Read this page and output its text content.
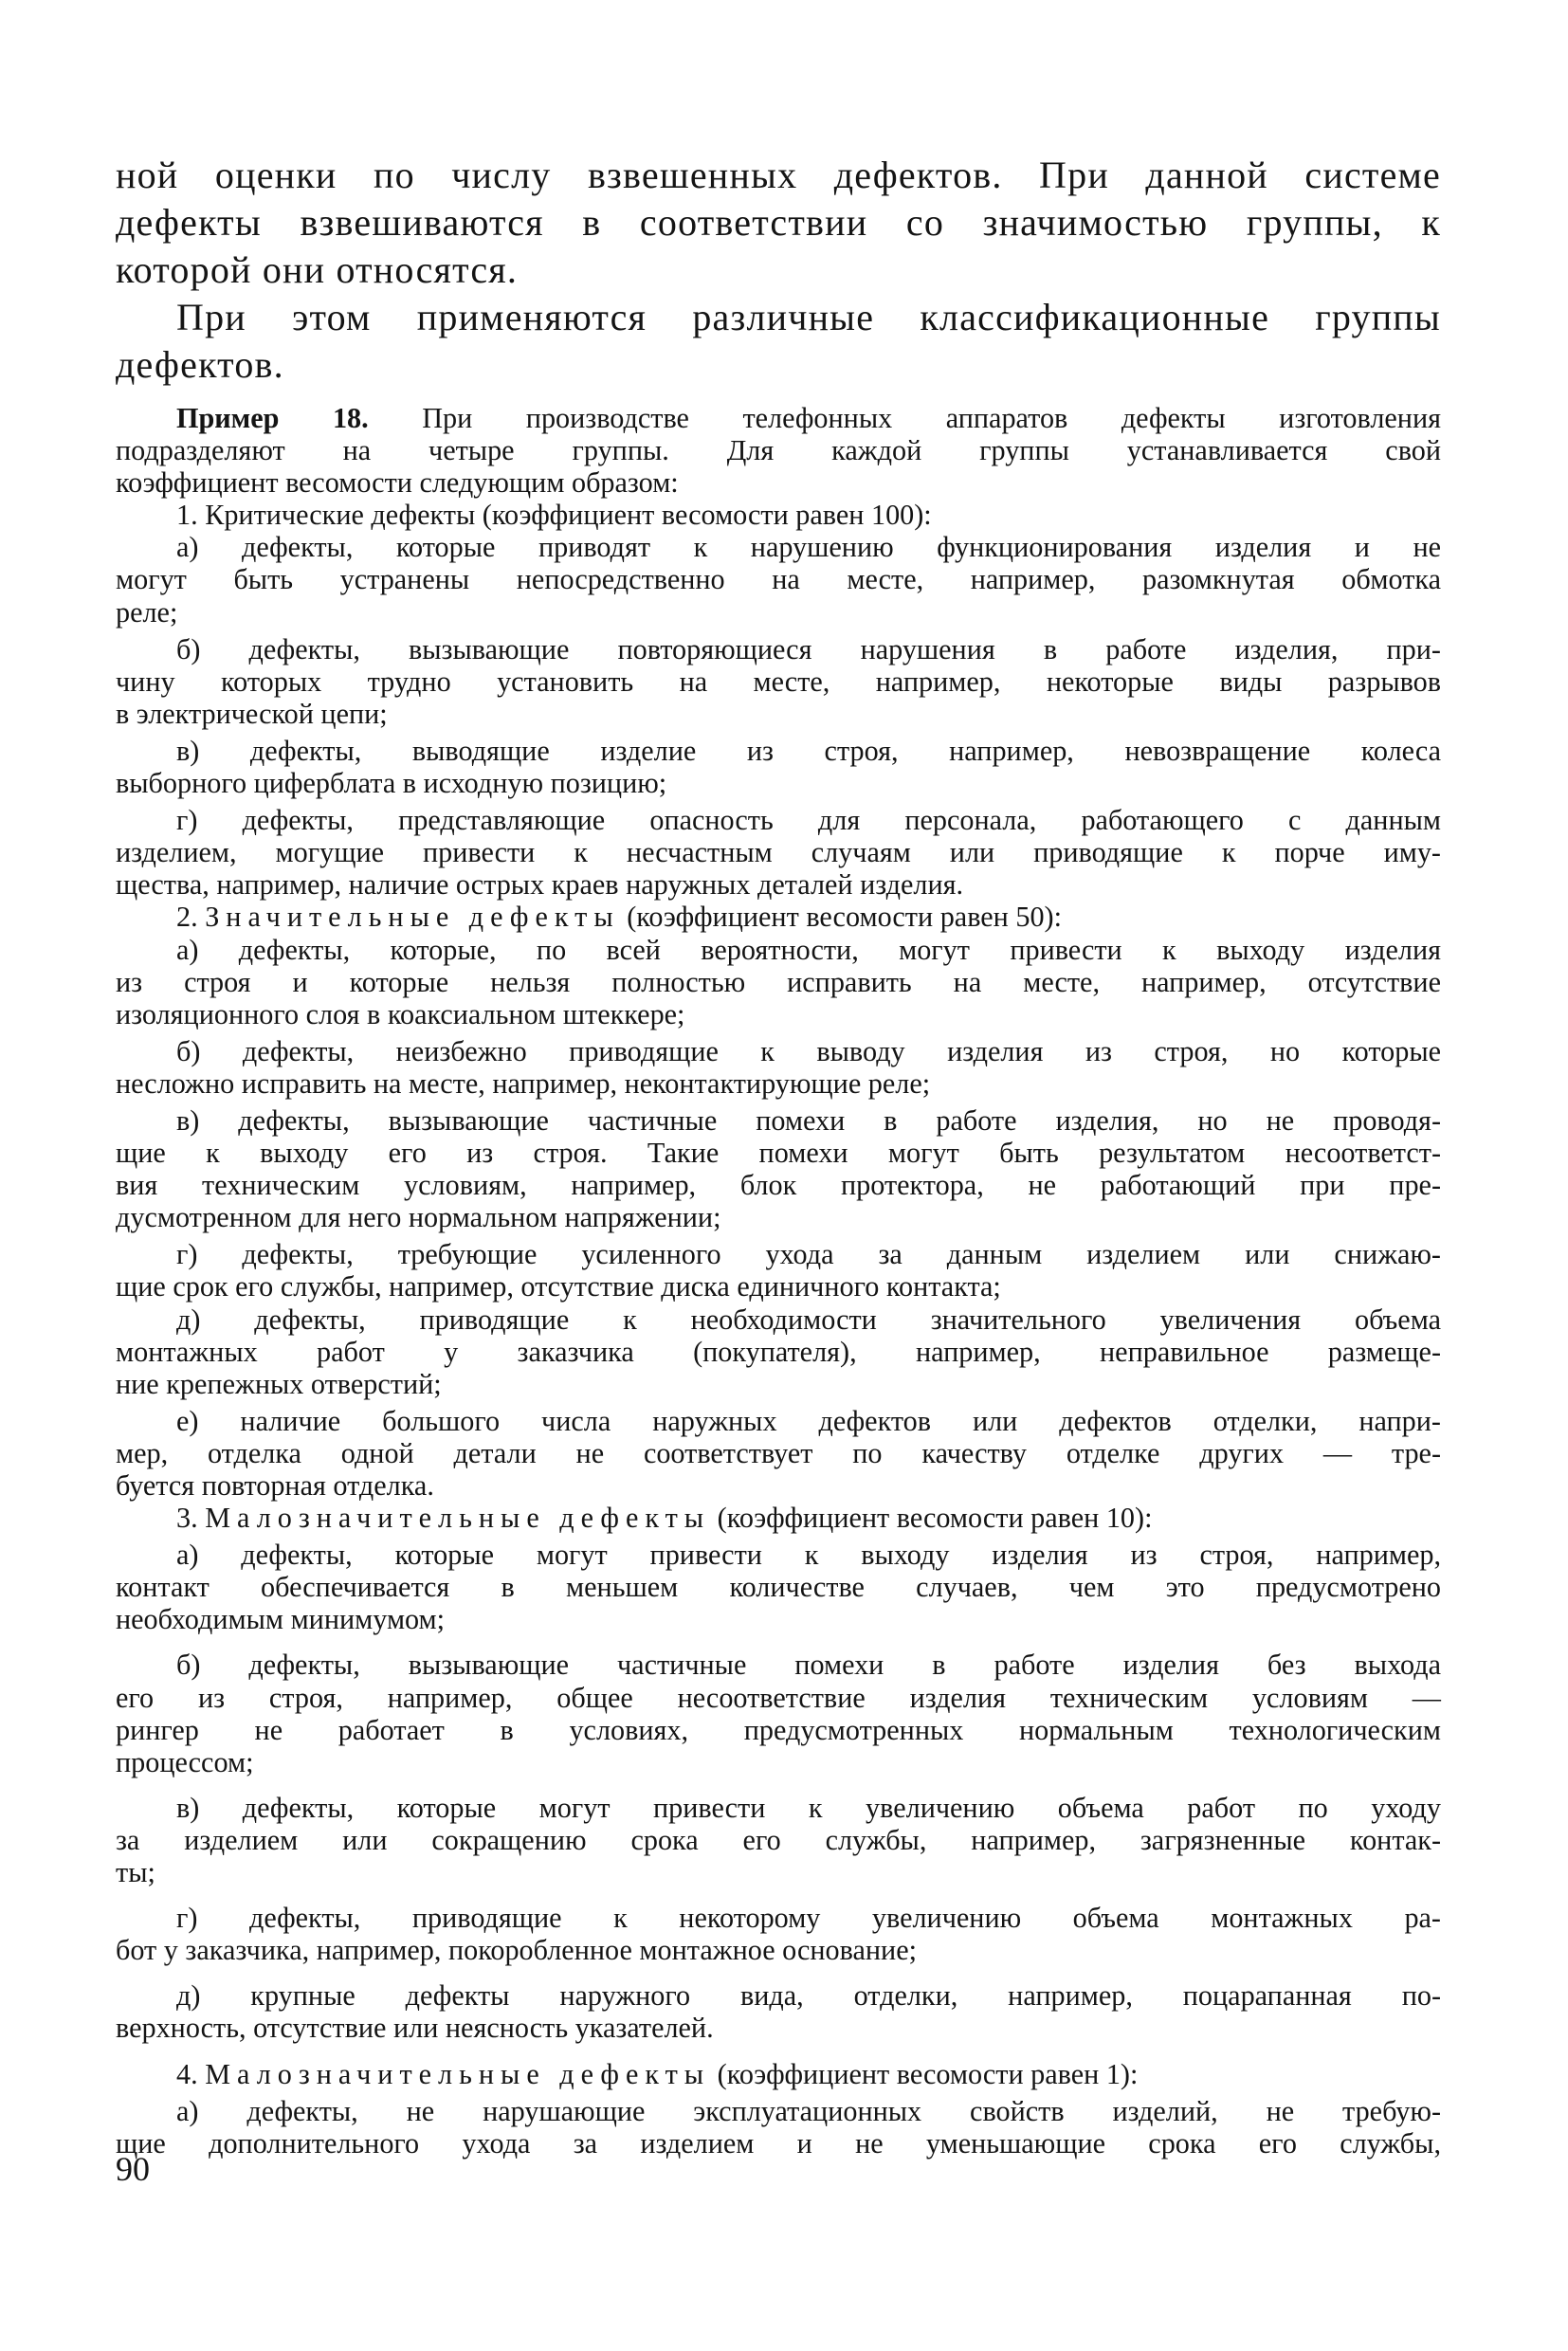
ной оценки по числу взвешенных дефектов. При данной системе
дефекты взвешиваются в соответствии со значимостью группы, к
которой они относятся.
При этом применяются различные классификационные группы
дефектов.
Пример 18. При производстве телефонных аппаратов дефекты изготовления
подразделяют на четыре группы. Для каждой группы устанавливается свой
коэффициент весомости следующим образом:
1. Критические дефекты (коэффициент весомости равен 100):
а) дефекты, которые приводят к нарушению функционирования изделия и не
могут быть устранены непосредственно на месте, например, разомкнутая обмотка
реле;
б) дефекты, вызывающие повторяющиеся нарушения в работе изделия, при-
чину которых трудно установить на месте, например, некоторые виды разрывов
в электрической цепи;
в) дефекты, выводящие изделие из строя, например, невозвращение колеса
выборного циферблата в исходную позицию;
г) дефекты, представляющие опасность для персонала, работающего с данным
изделием, могущие привести к несчастным случаям или приводящие к порче иму-
щества, например, наличие острых краев наружных деталей изделия.
2. Значительные дефекты (коэффициент весомости равен 50):
а) дефекты, которые, по всей вероятности, могут привести к выходу изделия
из строя и которые нельзя полностью исправить на месте, например, отсутствие
изоляционного слоя в коаксиальном штеккере;
б) дефекты, неизбежно приводящие к выводу изделия из строя, но которые
несложно исправить на месте, например, неконтактирующие реле;
в) дефекты, вызывающие частичные помехи в работе изделия, но не проводя-
щие к выходу его из строя. Такие помехи могут быть результатом несоответст-
вия техническим условиям, например, блок протектора, не работающий при пре-
дусмотренном для него нормальном напряжении;
г) дефекты, требующие усиленного ухода за данным изделием или снижаю-
щие срок его службы, например, отсутствие диска единичного контакта;
д) дефекты, приводящие к необходимости значительного увеличения объема
монтажных работ у заказчика (покупателя), например, неправильное размеще-
ние крепежных отверстий;
е) наличие большого числа наружных дефектов или дефектов отделки, напри-
мер, отделка одной детали не соответствует по качеству отделке других — тре-
буется повторная отделка.
3. Малозначительные дефекты (коэффициент весомости равен 10):
а) дефекты, которые могут привести к выходу изделия из строя, например,
контакт обеспечивается в меньшем количестве случаев, чем это предусмотрено
необходимым минимумом;
б) дефекты, вызывающие частичные помехи в работе изделия без выхода
его из строя, например, общее несоответствие изделия техническим условиям —
рингер не работает в условиях, предусмотренных нормальным технологическим
процессом;
в) дефекты, которые могут привести к увеличению объема работ по уходу
за изделием или сокращению срока его службы, например, загрязненные контак-
ты;
г) дефекты, приводящие к некоторому увеличению объема монтажных ра-
бот у заказчика, например, покоробленное монтажное основание;
д) крупные дефекты наружного вида, отделки, например, поцарапанная по-
верхность, отсутствие или неясность указателей.
4. Малозначительные дефекты (коэффициент весомости равен 1):
а) дефекты, не нарушающие эксплуатационных свойств изделий, не требую-
щие дополнительного ухода за изделием и не уменьшающие срока его службы,
90
